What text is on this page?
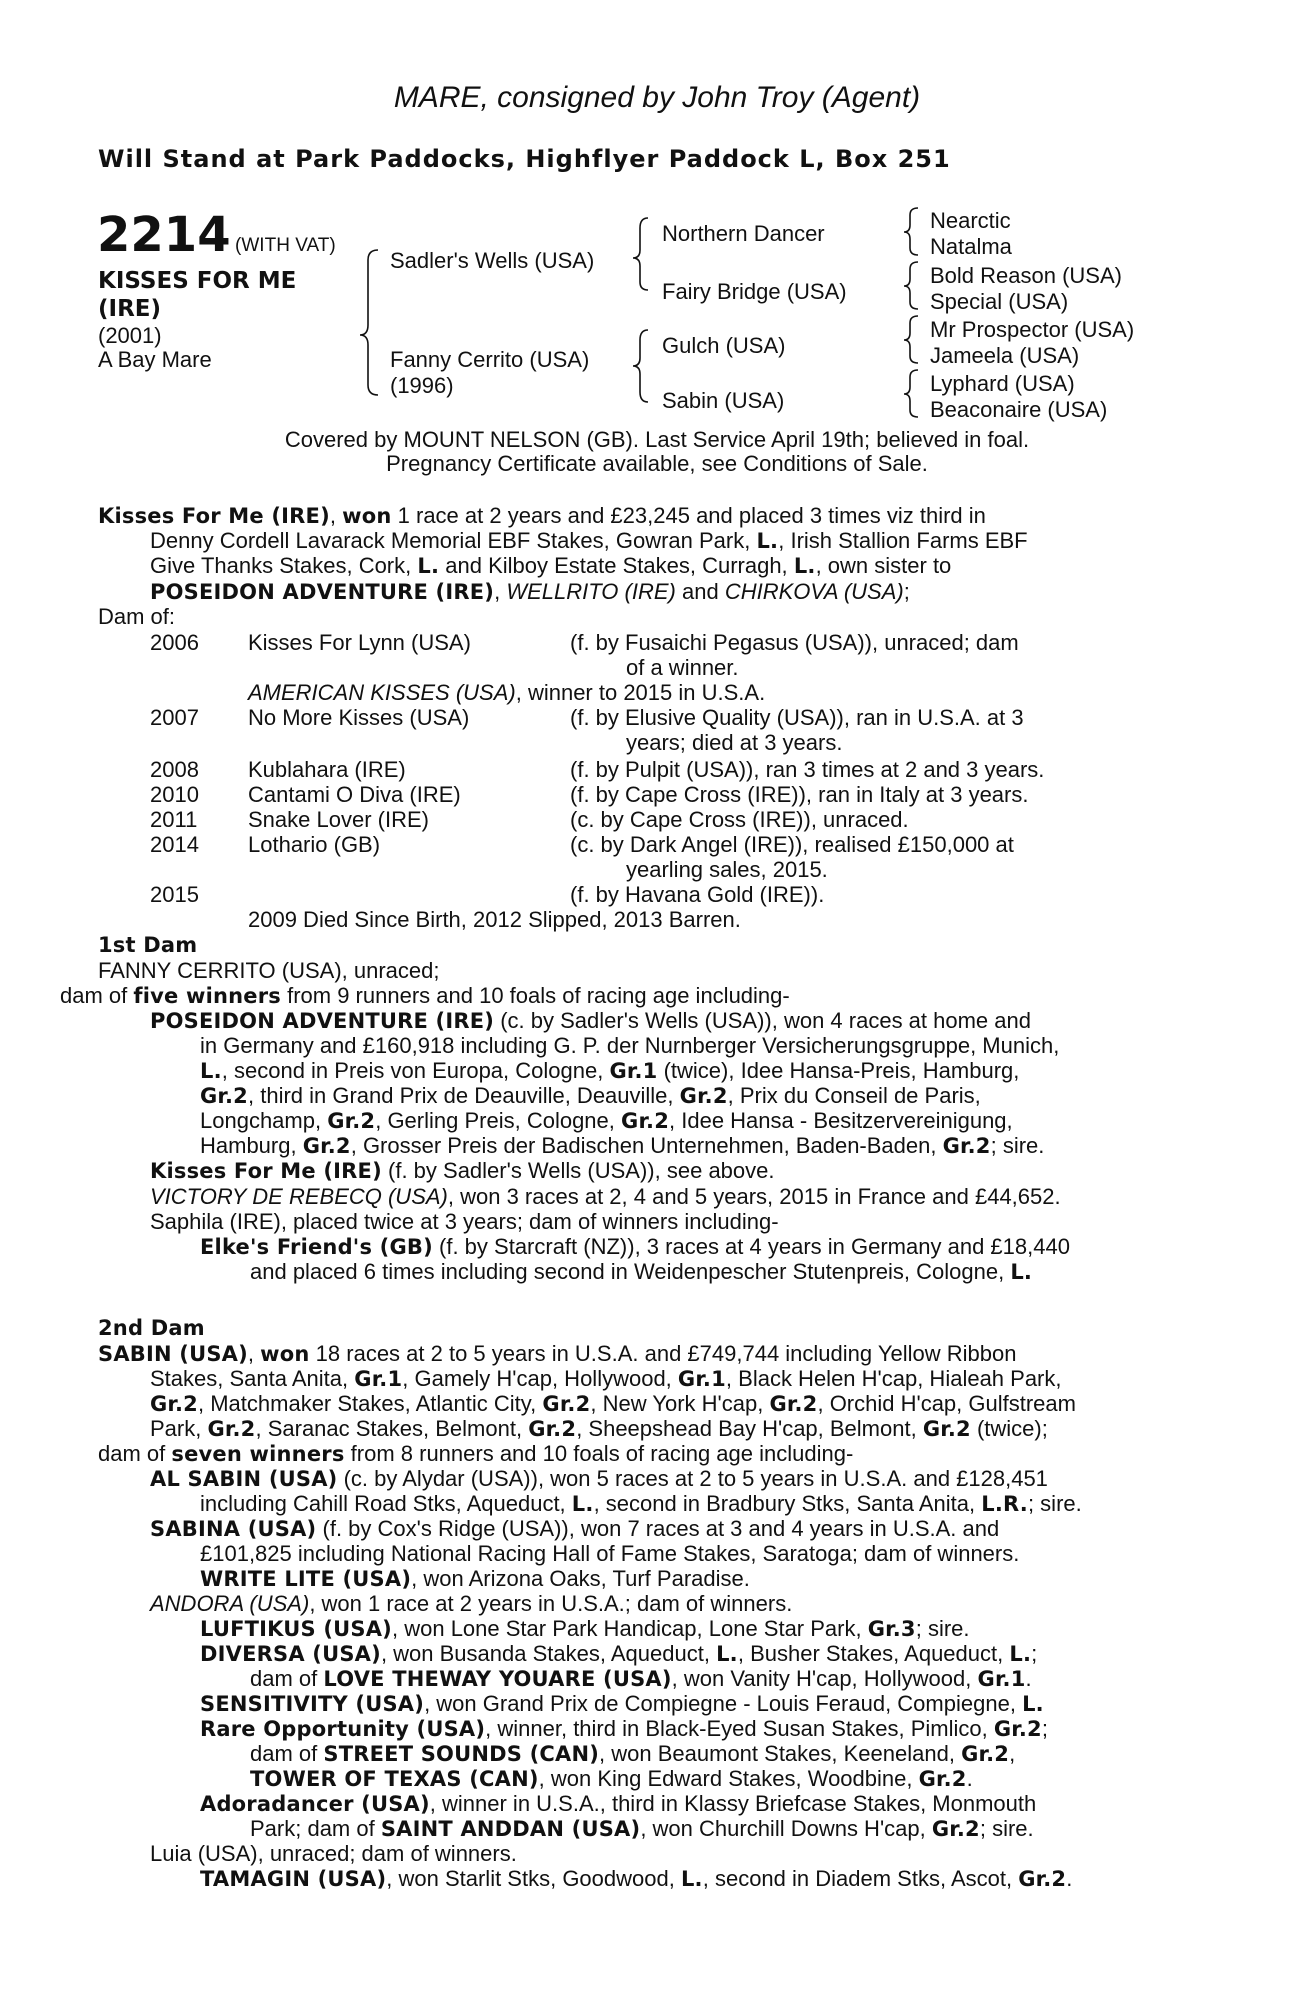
MARE, consigned by John Troy (Agent)
Will Stand at Park Paddocks, Highflyer Paddock L, Box 251
2214 (WITH VAT)
KISSES FOR ME
(IRE)
(2001)
A Bay Mare
Sadler's Wells (USA)
Fanny Cerrito (USA)
(1996)
Northern Dancer
Fairy Bridge (USA)
Gulch (USA)
Sabin (USA)
Nearctic
Natalma
Bold Reason (USA)
Special (USA)
Mr Prospector (USA)
Jameela (USA)
Lyphard (USA)
Beaconaire (USA)
Covered by MOUNT NELSON (GB). Last Service April 19th; believed in foal.
Pregnancy Certificate available, see Conditions of Sale.
Kisses For Me (IRE), won 1 race at 2 years and £23,245 and placed 3 times viz third in
Denny Cordell Lavarack Memorial EBF Stakes, Gowran Park, L., Irish Stallion Farms EBF
Give Thanks Stakes, Cork, L. and Kilboy Estate Stakes, Curragh, L., own sister to
POSEIDON ADVENTURE (IRE), WELLRITO (IRE) and CHIRKOVA (USA);
Dam of:
2006 Kisses For Lynn (USA)	(f. by Fusaichi Pegasus (USA)), unraced; dam
of a winner.
AMERICAN KISSES (USA), winner to 2015 in U.S.A.
2007 No More Kisses (USA)	(f. by Elusive Quality (USA)), ran in U.S.A. at 3
years; died at 3 years.
2008 Kublahara (IRE)	(f. by Pulpit (USA)), ran 3 times at 2 and 3 years.
2010 Cantami O Diva (IRE)	(f. by Cape Cross (IRE)), ran in Italy at 3 years.
2011 Snake Lover (IRE)	(c. by Cape Cross (IRE)), unraced.
2014 Lothario (GB)	(c. by Dark Angel (IRE)), realised £150,000 at
yearling sales, 2015.
2015	(f. by Havana Gold (IRE)).
2009 Died Since Birth, 2012 Slipped, 2013 Barren.
1st Dam
FANNY CERRITO (USA), unraced;
dam of five winners from 9 runners and 10 foals of racing age including-
POSEIDON ADVENTURE (IRE) (c. by Sadler's Wells (USA)), won 4 races at home and
in Germany and £160,918 including G. P. der Nurnberger Versicherungsgruppe, Munich,
L., second in Preis von Europa, Cologne, Gr.1 (twice), Idee Hansa-Preis, Hamburg,
Gr.2, third in Grand Prix de Deauville, Deauville, Gr.2, Prix du Conseil de Paris,
Longchamp, Gr.2, Gerling Preis, Cologne, Gr.2, Idee Hansa - Besitzervereinigung,
Hamburg, Gr.2, Grosser Preis der Badischen Unternehmen, Baden-Baden, Gr.2; sire.
Kisses For Me (IRE) (f. by Sadler's Wells (USA)), see above.
VICTORY DE REBECQ (USA), won 3 races at 2, 4 and 5 years, 2015 in France and £44,652.
Saphila (IRE), placed twice at 3 years; dam of winners including-
Elke's Friend's (GB) (f. by Starcraft (NZ)), 3 races at 4 years in Germany and £18,440
and placed 6 times including second in Weidenpescher Stutenpreis, Cologne, L.
2nd Dam
SABIN (USA), won 18 races at 2 to 5 years in U.S.A. and £749,744 including Yellow Ribbon
Stakes, Santa Anita, Gr.1, Gamely H'cap, Hollywood, Gr.1, Black Helen H'cap, Hialeah Park,
Gr.2, Matchmaker Stakes, Atlantic City, Gr.2, New York H'cap, Gr.2, Orchid H'cap, Gulfstream
Park, Gr.2, Saranac Stakes, Belmont, Gr.2, Sheepshead Bay H'cap, Belmont, Gr.2 (twice);
dam of seven winners from 8 runners and 10 foals of racing age including-
AL SABIN (USA) (c. by Alydar (USA)), won 5 races at 2 to 5 years in U.S.A. and £128,451
including Cahill Road Stks, Aqueduct, L., second in Bradbury Stks, Santa Anita, L.R.; sire.
SABINA (USA) (f. by Cox's Ridge (USA)), won 7 races at 3 and 4 years in U.S.A. and
£101,825 including National Racing Hall of Fame Stakes, Saratoga; dam of winners.
WRITE LITE (USA), won Arizona Oaks, Turf Paradise.
ANDORA (USA), won 1 race at 2 years in U.S.A.; dam of winners.
LUFTIKUS (USA), won Lone Star Park Handicap, Lone Star Park, Gr.3; sire.
DIVERSA (USA), won Busanda Stakes, Aqueduct, L., Busher Stakes, Aqueduct, L.;
dam of LOVE THEWAY YOUARE (USA), won Vanity H'cap, Hollywood, Gr.1.
SENSITIVITY (USA), won Grand Prix de Compiegne - Louis Feraud, Compiegne, L.
Rare Opportunity (USA), winner, third in Black-Eyed Susan Stakes, Pimlico, Gr.2;
dam of STREET SOUNDS (CAN), won Beaumont Stakes, Keeneland, Gr.2,
TOWER OF TEXAS (CAN), won King Edward Stakes, Woodbine, Gr.2.
Adoradancer (USA), winner in U.S.A., third in Klassy Briefcase Stakes, Monmouth
Park; dam of SAINT ANDDAN (USA), won Churchill Downs H'cap, Gr.2; sire.
Luia (USA), unraced; dam of winners.
TAMAGIN (USA), won Starlit Stks, Goodwood, L., second in Diadem Stks, Ascot, Gr.2.
